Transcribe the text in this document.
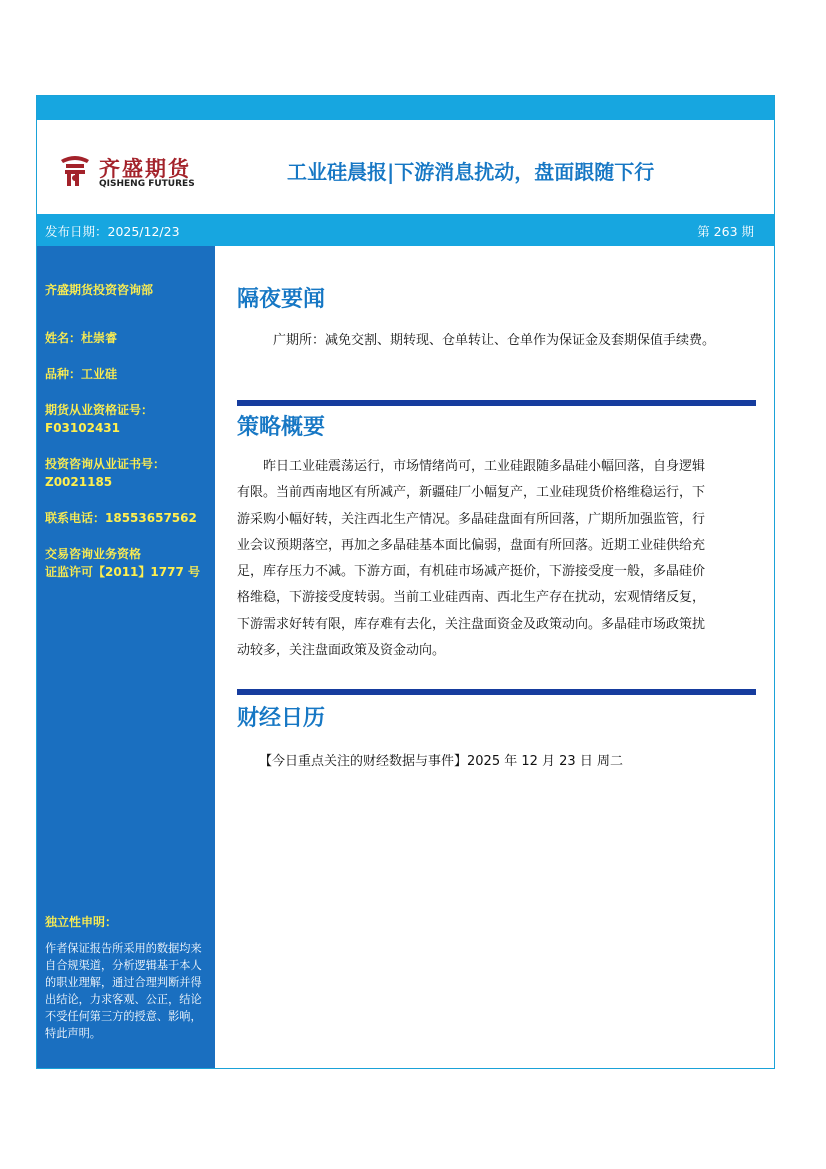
齐盛期货
QISHENG FUTURES	工业硅晨报|下游消息扰动，盘面跟随下行
发布日期：2025/12/23	第 263 期
齐盛期货投资咨询部
姓名：杜崇睿
品种：工业硅
期货从业资格证号：
F03102431
投资咨询从业证书号：
Z0021185
联系电话：18553657562
交易咨询业务资格
证监许可【2011】1777 号
独立性申明：
作者保证报告所采用的数据均来自合规渠道，分析逻辑基于本人的职业理解，通过合理判断并得出结论，力求客观、公正，结论不受任何第三方的授意、影响，特此声明。
隔夜要闻
广期所：减免交割、期转现、仓单转让、仓单作为保证金及套期保值手续费。
策略概要
昨日工业硅震荡运行，市场情绪尚可，工业硅跟随多晶硅小幅回落，自身逻辑有限。当前西南地区有所减产，新疆硅厂小幅复产，工业硅现货价格维稳运行，下游采购小幅好转，关注西北生产情况。多晶硅盘面有所回落，广期所加强监管，行业会议预期落空，再加之多晶硅基本面比偏弱，盘面有所回落。近期工业硅供给充足，库存压力不减。下游方面，有机硅市场减产挺价，下游接受度一般，多晶硅价格维稳，下游接受度转弱。当前工业硅西南、西北生产存在扰动，宏观情绪反复，下游需求好转有限，库存难有去化，关注盘面资金及政策动向。多晶硅市场政策扰动较多，关注盘面政策及资金动向。
财经日历
【今日重点关注的财经数据与事件】2025 年 12 月 23 日 周二
